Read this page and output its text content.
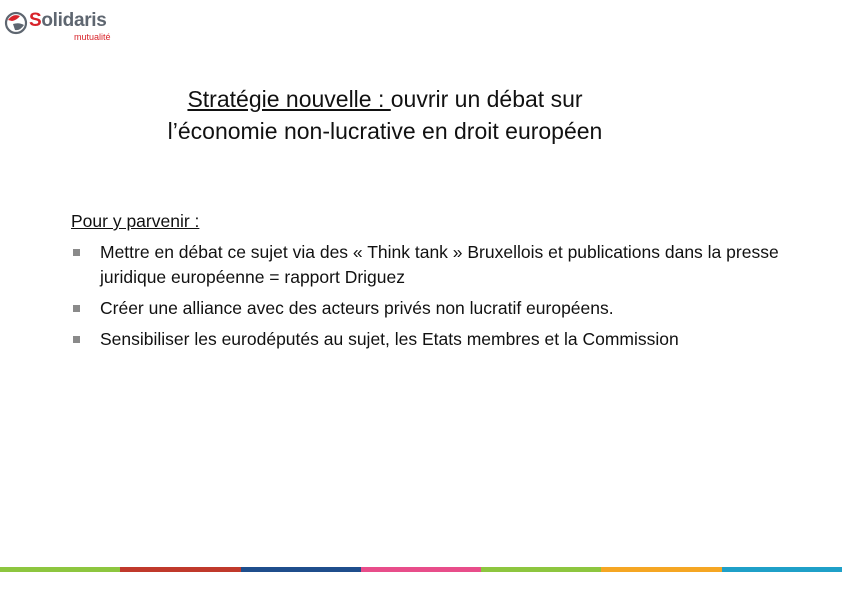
Solidaris
mutualité
Stratégie nouvelle : ouvrir un débat sur
l’économie non-lucrative en droit européen
Pour y parvenir :
Mettre en débat ce sujet via des « Think tank » Bruxellois et publications dans la presse juridique européenne = rapport Driguez
Créer une alliance avec des acteurs privés non lucratif européens.
Sensibiliser les eurodéputés au sujet, les Etats membres et la Commission
